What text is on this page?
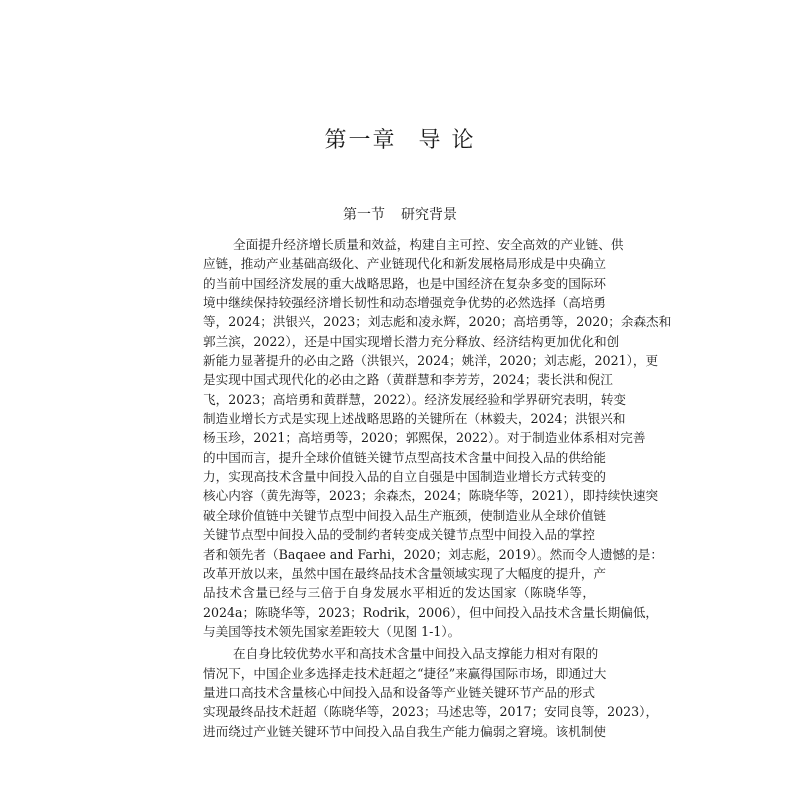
第一章 导 论
第一节 研究背景
全面提升经济增长质量和效益，构建自主可控、安全高效的产业链、供
应链，推动产业基础高级化、产业链现代化和新发展格局形成是中央确立
的当前中国经济发展的重大战略思路，也是中国经济在复杂多变的国际环
境中继续保持较强经济增长韧性和动态增强竞争优势的必然选择（高培勇
等，2024；洪银兴，2023；刘志彪和凌永辉，2020；高培勇等，2020；余森杰和
郭兰滨，2022），还是中国实现增长潜力充分释放、经济结构更加优化和创
新能力显著提升的必由之路（洪银兴，2024；姚洋，2020；刘志彪，2021），更
是实现中国式现代化的必由之路（黄群慧和李芳芳，2024；裴长洪和倪江
飞，2023；高培勇和黄群慧，2022）。经济发展经验和学界研究表明，转变
制造业增长方式是实现上述战略思路的关键所在（林毅夫，2024；洪银兴和
杨玉珍，2021；高培勇等，2020；郭熙保，2022）。对于制造业体系相对完善
的中国而言，提升全球价值链关键节点型高技术含量中间投入品的供给能
力，实现高技术含量中间投入品的自立自强是中国制造业增长方式转变的
核心内容（黄先海等，2023；余森杰，2024；陈晓华等，2021），即持续快速突
破全球价值链中关键节点型中间投入品生产瓶颈，使制造业从全球价值链
关键节点型中间投入品的受制约者转变成关键节点型中间投入品的掌控
者和领先者（Baqaee and Farhi，2020；刘志彪，2019）。然而令人遗憾的是：
改革开放以来，虽然中国在最终品技术含量领域实现了大幅度的提升，产
品技术含量已经与三倍于自身发展水平相近的发达国家（陈晓华等，
2024a；陈晓华等，2023；Rodrik，2006），但中间投入品技术含量长期偏低，
与美国等技术领先国家差距较大（见图 1-1）。
在自身比较优势水平和高技术含量中间投入品支撑能力相对有限的
情况下，中国企业多选择走技术赶超之“捷径”来赢得国际市场，即通过大
量进口高技术含量核心中间投入品和设备等产业链关键环节产品的形式
实现最终品技术赶超（陈晓华等，2023；马述忠等，2017；安同良等，2023），
进而绕过产业链关键环节中间投入品自我生产能力偏弱之窘境。该机制使
